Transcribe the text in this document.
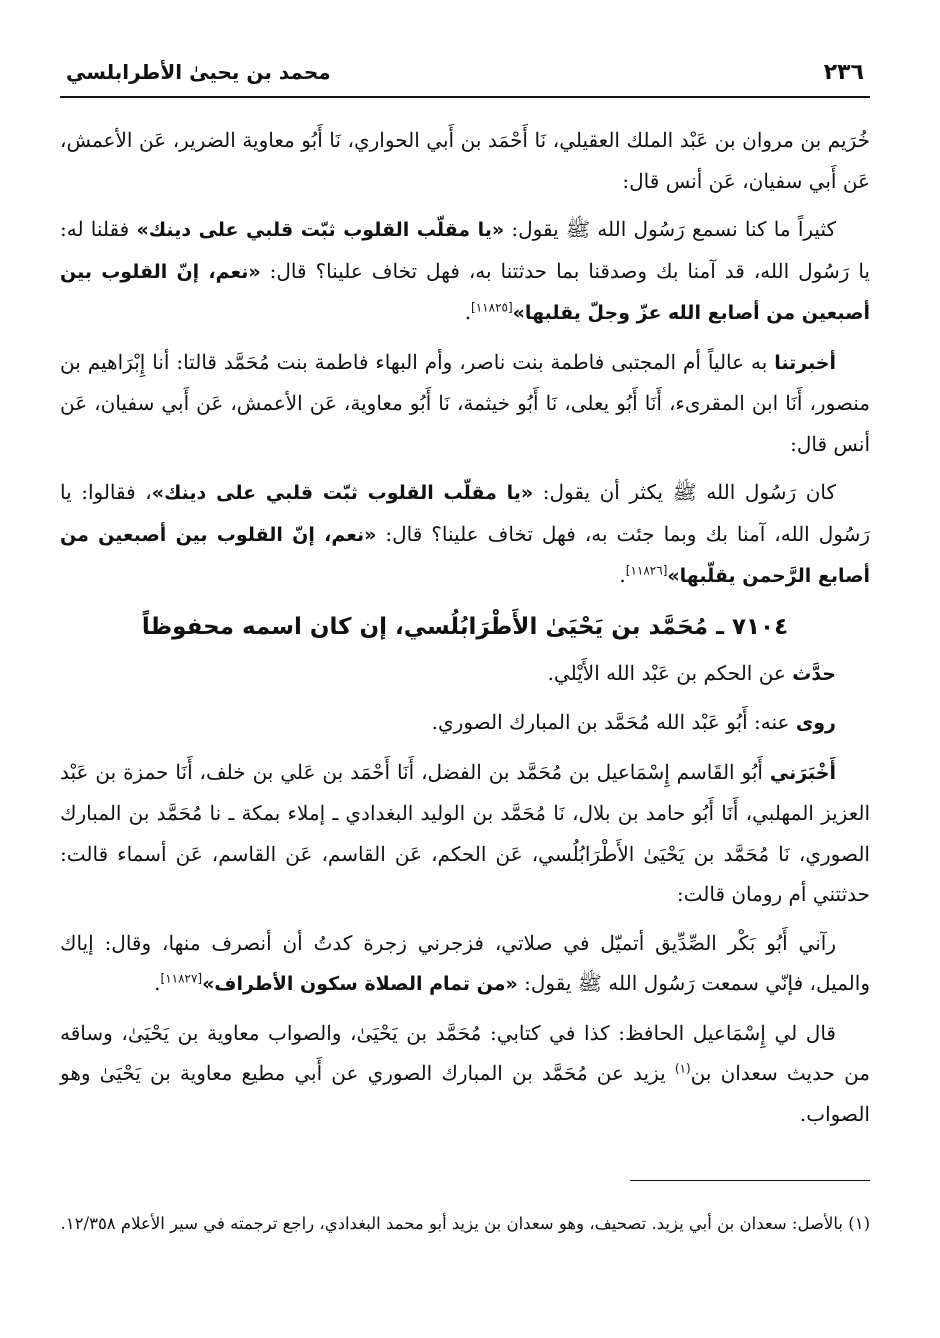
٢٣٦
محمد بن يحيىٰ الأطرابلسي

خُرَيم بن مروان بن عَبْد الملك العقيلي، نَا أَحْمَد بن أَبي الحواري، نَا أَبُو معاوية الضرير، عَن الأعمش، عَن أَبي سفيان، عَن أنس قال:

كثيراً ما كنا نسمع رَسُول الله ﷺ يقول: «يا مقلّب القلوب ثبّت قلبي على دينك» فقلنا له: يا رَسُول الله، قد آمنا بك وصدقنا بما حدثتنا به، فهل تخاف علينا؟ قال: «نعم، إنّ القلوب بين أصبعين من أصابع الله عزّ وجلّ يقلبها»[١١٨٢٥].

أخبرتنا به عالياً أم المجتبى فاطمة بنت ناصر، وأم البهاء فاطمة بنت مُحَمَّد قالتا: أنا إِبْرَاهيم بن منصور، أَنَا ابن المقرىء، أَنَا أَبُو يعلى، نَا أَبُو خيثمة، نَا أَبُو معاوية، عَن الأعمش، عَن أَبي سفيان، عَن أنس قال:

كان رَسُول الله ﷺ يكثر أن يقول: «يا مقلّب القلوب ثبّت قلبي على دينك»، فقالوا: يا رَسُول الله، آمنا بك وبما جئت به، فهل تخاف علينا؟ قال: «نعم، إنّ القلوب بين أصبعين من أصابع الرَّحمن يقلّبها»[١١٨٢٦].

٧١٠٤ ـ مُحَمَّد بن يَحْيَىٰ الأَطْرَابُلُسي، إن كان اسمه محفوظاً

حدَّث عن الحكم بن عَبْد الله الأَيْلي.

روى عنه: أَبُو عَبْد الله مُحَمَّد بن المبارك الصوري.

أَخْبَرَني أَبُو القَاسم إِسْمَاعيل بن مُحَمَّد بن الفضل، أَنَا أَحْمَد بن عَلي بن خلف، أَنَا حمزة بن عَبْد العزيز المهلبي، أَنَا أَبُو حامد بن بلال، نَا مُحَمَّد بن الوليد البغدادي ـ إملاء بمكة ـ نا مُحَمَّد بن المبارك الصوري، نَا مُحَمَّد بن يَحْيَىٰ الأَطْرَابُلُسي، عَن الحكم، عَن القاسم، عَن القاسم، عَن أسماء قالت: حدثتني أم رومان قالت:

رآني أَبُو بَكْر الصِّدِّيق أتميّل في صلاتي، فزجرني زجرة كدتُ أن أنصرف منها، وقال: إياك والميل، فإنّي سمعت رَسُول الله ﷺ يقول: «من تمام الصلاة سكون الأطراف»[١١٨٢٧].

قال لي إِسْمَاعيل الحافظ: كذا في كتابي: مُحَمَّد بن يَحْيَىٰ، والصواب معاوية بن يَحْيَىٰ، وساقه من حديث سعدان بن$^{(١)}$ يزيد عن مُحَمَّد بن المبارك الصوري عن أَبي مطيع معاوية بن يَحْيَىٰ وهو الصواب.

(١) بالأصل: سعدان بن أبي يزيد. تصحيف، وهو سعدان بن يزيد أبو محمد البغدادي، راجع ترجمته في سير الأعلام ١٢/٣٥٨.
